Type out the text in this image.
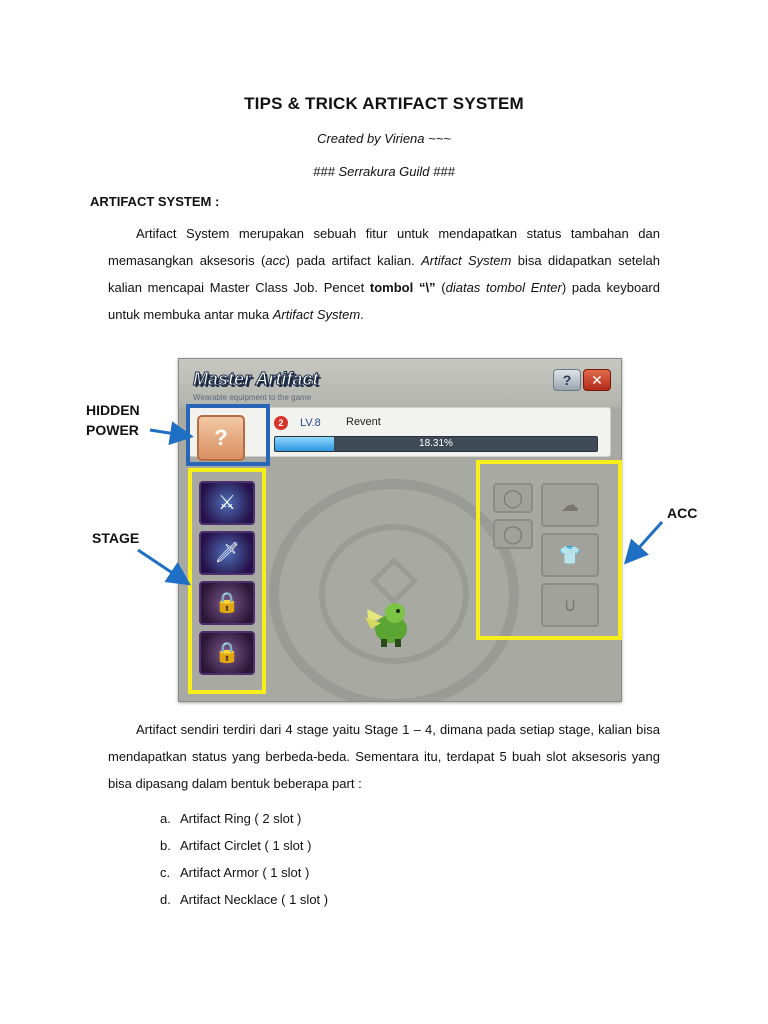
TIPS & TRICK ARTIFACT SYSTEM
Created by Viriena ~~~
### Serrakura Guild ###
ARTIFACT SYSTEM :
Artifact System merupakan sebuah fitur untuk mendapatkan status tambahan dan memasangkan aksesoris (acc) pada artifact kalian. Artifact System bisa didapatkan setelah kalian mencapai Master Class Job. Pencet tombol “\” (diatas tombol Enter) pada keyboard untuk membuka antar muka Artifact System.
Master Artifact
Wearable equipment to the game
?	✕
2	LV.8 Revent
18.31%
?
⚔
🗡
🔒
🔒
◯
◯
☁
👕
∪
HIDDEN
POWER
STAGE
ACC
Artifact sendiri terdiri dari 4 stage yaitu Stage 1 – 4, dimana pada setiap stage, kalian bisa mendapatkan status yang berbeda-beda. Sementara itu, terdapat 5 buah slot aksesoris yang bisa dipasang dalam bentuk beberapa part :
a. Artifact Ring ( 2 slot )
b. Artifact Circlet ( 1 slot )
c. Artifact Armor ( 1 slot )
d. Artifact Necklace ( 1 slot )
